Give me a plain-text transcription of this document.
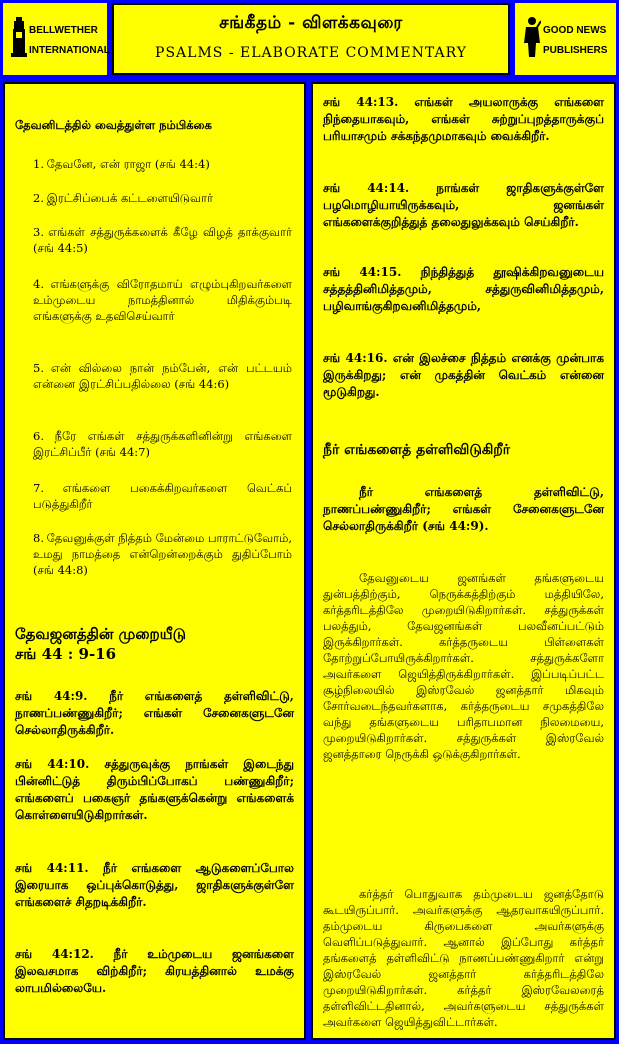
BELLWETHER
INTERNATIONAL
சங்கீதம் - விளக்கவுரை
PSALMS - ELABORATE COMMENTARY
GOOD NEWS
PUBLISHERS
தேவனிடத்தில் வைத்துள்ள நம்பிக்கை
1. தேவனே, என் ராஜா (சங் 44:4)
2. இரட்சிப்பைக் கட்டளையிடுவார்
3. எங்கள் சத்துருக்களைக் கீழே விழத் தாக்குவார் (சங் 44:5)
4. எங்களுக்கு விரோதமாய் எழும்புகிறவர்களை உம்முடைய நாமத்தினால் மிதிக்கும்படி எங்களுக்கு உதவிசெய்வார்
5. என் வில்லை நான் நம்பேன், என் பட்டயம் என்னை இரட்சிப்பதில்லை (சங் 44:6)
6. நீரே எங்கள் சத்துருக்களினின்று எங்களை இரட்சிப்பீர் (சங் 44:7)
7. எங்களை பகைக்கிறவர்களை வெட்கப் படுத்துகிறீர்
8. தேவனுக்குள் நித்தம் மேன்மை பாராட்டுவோம், உமது நாமத்தை என்றென்றைக்கும் துதிப்போம் (சங் 44:8)
தேவஜனத்தின் முறையீடு
சங் 44 : 9-16
சங் 44:9. நீர் எங்களைத் தள்ளிவிட்டு, நாணப்பண்ணுகிறீர்; எங்கள் சேனைகளுடனே செல்லாதிருக்கிறீர்.
சங் 44:10. சத்துருவுக்கு நாங்கள் இடைந்து பின்னிட்டுத் திரும்பிப்போகப் பண்ணுகிறீர்; எங்களைப் பகைஞர் தங்களுக்கென்று எங்களைக் கொள்ளையிடுகிறார்கள்.
சங் 44:11. நீர் எங்களை ஆடுகளைப்போல இரையாக ஒப்புக்கொடுத்து, ஜாதிகளுக்குள்ளே எங்களைச் சிதறடிக்கிறீர்.
சங் 44:12. நீர் உம்முடைய ஜனங்களை இலவசமாக விற்கிறீர்; கிரயத்தினால் உமக்கு லாபமில்லையே.
சங் 44:13. எங்கள் அயலாருக்கு எங்களை நிந்தையாகவும், எங்கள் சுற்றுப்புறத்தாருக்குப் பரியாசமும் சக்கந்தமுமாகவும் வைக்கிறீர்.
சங் 44:14. நாங்கள் ஜாதிகளுக்குள்ளே பழமொழியாயிருக்கவும், ஜனங்கள் எங்களைக்குறித்துத் தலைதுலுக்கவும் செய்கிறீர்.
சங் 44:15. நிந்தித்துத் தூஷிக்கிறவனுடைய சத்தத்தினிமித்தமும், சத்துருவினிமித்தமும், பழிவாங்குகிறவனிமித்தமும்,
சங் 44:16. என் இலச்சை நித்தம் எனக்கு முன்பாக இருக்கிறது; என் முகத்தின் வெட்கம் என்னை மூடுகிறது.
நீர் எங்களைத் தள்ளிவிடுகிறீர்
நீர் எங்களைத் தள்ளிவிட்டு, நாணப்பண்ணுகிறீர்; எங்கள் சேனைகளுடனே செல்லாதிருக்கிறீர் (சங் 44:9).
தேவனுடைய ஜனங்கள் தங்களுடைய துன்பத்திற்கும், நெருக்கத்திற்கும் மத்தியிலே, கர்த்தரிடத்திலே முறையிடுகிறார்கள். சத்துருக்கள் பலத்தும், தேவஜனங்கள் பலவீனப்பட்டும் இருக்கிறார்கள். கர்த்தருடைய பிள்ளைகள் தோற்றுப்போயிருக்கிறார்கள். சத்துருக்களோ அவர்களை ஜெயித்திருக்கிறார்கள். இப்படிப்பட்ட சூழ்நிலையில் இஸ்ரவேல் ஜனத்தார் மிகவும் சோர்வடைந்தவர்களாக, கர்த்தருடைய சமுகத்திலே வந்து தங்களுடைய பரிதாபமான நிலமையை, முறையிடுகிறார்கள். சத்துருக்கள் இஸ்ரவேல் ஜனத்தாரை நெருக்கி ஒடுக்குகிறார்கள்.
கர்த்தர் பொதுவாக தம்முடைய ஜனத்தோடு கூடயிருப்பார். அவர்களுக்கு ஆதரவாகயிருப்பார். தம்முடைய கிருபைகளை அவர்களுக்கு வெளிப்படுத்துவார். ஆனால் இப்போது கர்த்தர் தங்களைத் தள்ளிவிட்டு நாணப்பண்ணுகிறார் என்று இஸ்ரவேல் ஜனத்தார் கர்த்தரிடத்திலே முறையிடுகிறார்கள். கர்த்தர் இஸ்ரவேலரைத் தள்ளிவிட்டதினால், அவர்களுடைய சத்துருக்கள் அவர்களை ஜெயித்துவிட்டார்கள்.
